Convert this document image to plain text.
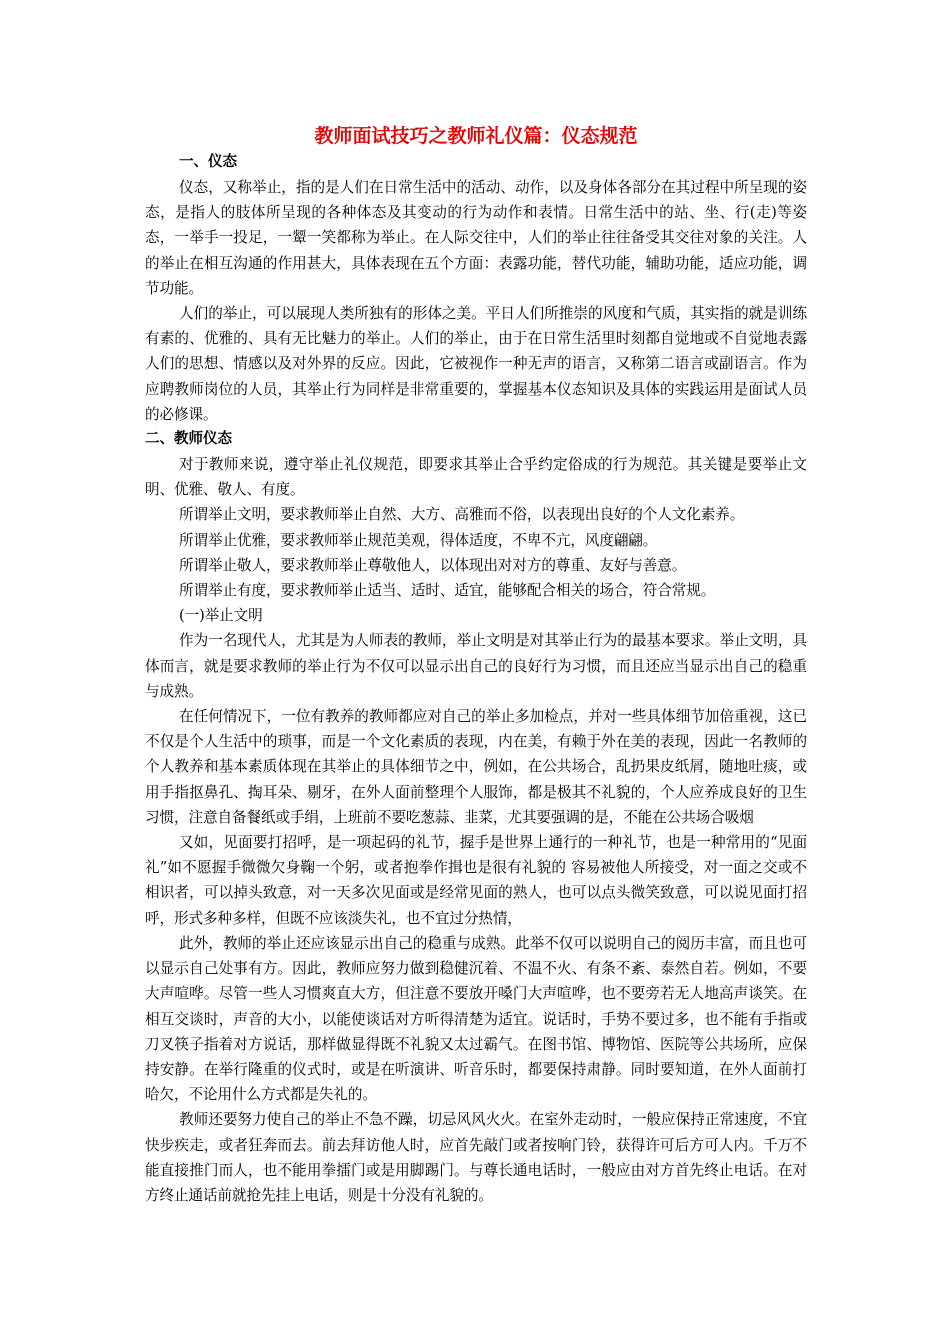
教师面试技巧之教师礼仪篇：仪态规范
一、仪态

仪态，又称举止，指的是人们在日常生活中的活动、动作，以及身体各部分在其过程中所呈现的姿态，是指人的肢体所呈现的各种体态及其变动的行为动作和表情。日常生活中的站、坐、行(走)等姿态，一举手一投足，一颦一笑都称为举止。在人际交往中，人们的举止往往备受其交往对象的关注。人的举止在相互沟通的作用甚大，具体表现在五个方面：表露功能，替代功能，辅助功能，适应功能，调节功能。

人们的举止，可以展现人类所独有的形体之美。平日人们所推崇的风度和气质，其实指的就是训练有素的、优雅的、具有无比魅力的举止。人们的举止，由于在日常生活里时刻都自觉地或不自觉地表露人们的思想、情感以及对外界的反应。因此，它被视作一种无声的语言，又称第二语言或副语言。作为应聘教师岗位的人员，其举止行为同样是非常重要的，掌握基本仪态知识及具体的实践运用是面试人员的必修课。

二、教师仪态

对于教师来说，遵守举止礼仪规范，即要求其举止合乎约定俗成的行为规范。其关键是要举止文明、优雅、敬人、有度。

所谓举止文明，要求教师举止自然、大方、高雅而不俗，以表现出良好的个人文化素养。

所谓举止优雅，要求教师举止规范美观，得体适度，不卑不亢，风度翩翩。

所谓举止敬人，要求教师举止尊敬他人，以体现出对对方的尊重、友好与善意。

所谓举止有度，要求教师举止适当、适时、适宜，能够配合相关的场合，符合常规。

(一)举止文明

作为一名现代人，尤其是为人师表的教师，举止文明是对其举止行为的最基本要求。举止文明，具体而言，就是要求教师的举止行为不仅可以显示出自己的良好行为习惯，而且还应当显示出自己的稳重与成熟。

在任何情况下，一位有教养的教师都应对自己的举止多加检点，并对一些具体细节加倍重视，这已不仅是个人生活中的琐事，而是一个文化素质的表现，内在美，有赖于外在美的表现，因此一名教师的个人教养和基本素质体现在其举止的具体细节之中，例如，在公共场合，乱扔果皮纸屑，随地吐痰，或用手指抠鼻孔、掏耳朵、剔牙，在外人面前整理个人服饰，都是极其不礼貌的，个人应养成良好的卫生习惯，注意自备餐纸或手绢，上班前不要吃葱蒜、韭菜，尤其要强调的是，不能在公共场合吸烟

又如，见面要打招呼，是一项起码的礼节，握手是世界上通行的一种礼节，也是一种常用的“见面礼”如不愿握手微微欠身鞠一个躬，或者抱拳作揖也是很有礼貌的 容易被他人所接受，对一面之交或不相识者，可以掉头致意，对一天多次见面或是经常见面的熟人，也可以点头微笑致意，可以说见面打招呼，形式多种多样，但既不应该淡失礼，也不宜过分热情，

此外，教师的举止还应该显示出自己的稳重与成熟。此举不仅可以说明自己的阅历丰富，而且也可以显示自己处事有方。因此，教师应努力做到稳健沉着、不温不火、有条不紊、泰然自若。例如，不要大声喧哗。尽管一些人习惯爽直大方，但注意不要放开嗓门大声喧哗，也不要旁若无人地高声谈笑。在相互交谈时，声音的大小，以能使谈话对方听得清楚为适宜。说话时，手势不要过多，也不能有手指或刀叉筷子指着对方说话，那样做显得既不礼貌又太过霸气。在图书馆、博物馆、医院等公共场所，应保持安静。在举行隆重的仪式时，或是在听演讲、听音乐时，都要保持肃静。同时要知道，在外人面前打哈欠，不论用什么方式都是失礼的。

教师还要努力使自己的举止不急不躁，切忌风风火火。在室外走动时，一般应保持正常速度，不宜快步疾走，或者狂奔而去。前去拜访他人时，应首先敲门或者按响门铃，获得许可后方可人内。千万不能直接推门而人，也不能用拳擂门或是用脚踢门。与尊长通电话时，一般应由对方首先终止电话。在对方终止通话前就抢先挂上电话，则是十分没有礼貌的。
